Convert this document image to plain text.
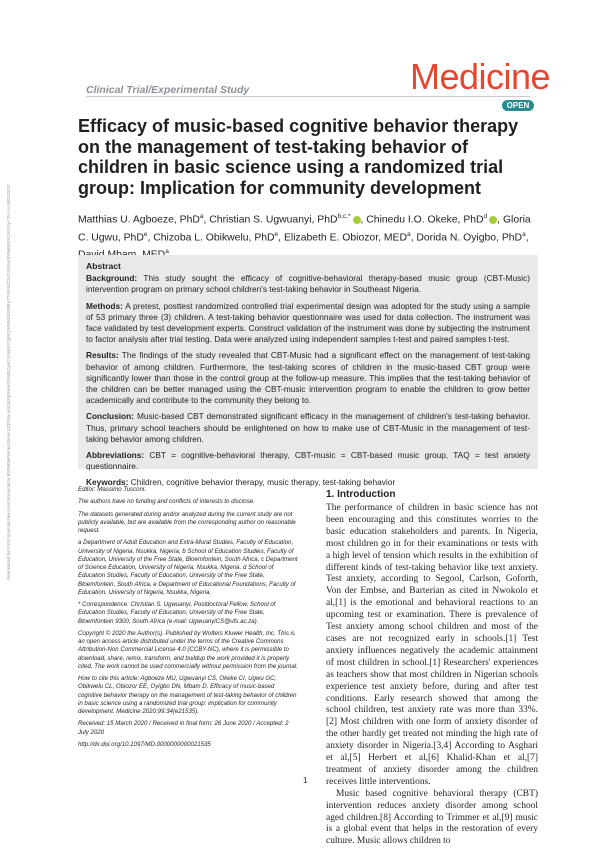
Downloaded from http://journals.lww.com/md-journal by BhDMf5ePHKav1zEoum1tQfN4a+kJLhEZgbsIHo4XMi0hCywCX1AWnYQp/IlQrHD3i3D0OdRyi7TvSFl4Cf3VC4/OAVpDDa8KKGKV0Ymy+78= on 08/20/2020
Clinical Trial/Experimental Study	Medicine
OPEN
Efficacy of music-based cognitive behavior therapy on the management of test-taking behavior of children in basic science using a randomized trial group: Implication for community development
Matthias U. Agboeze, PhD$^a$, Christian S. Ugwuanyi, PhD$^{b,c,*}$ , Chinedu I.O. Okeke, PhD$^d$ , Gloria C. Ugwu, PhD$^e$, Chizoba L. Obikwelu, PhD$^e$, Elizabeth E. Obiozor, MED$^a$, Dorida N. Oyigbo, PhD$^a$, $^a$
Abstract

Background: This study sought the efficacy of cognitive-behavioral therapy-based music group (CBT-Music) intervention program on primary school children's test-taking behavior in Southeast Nigeria.

Methods: A pretest, posttest randomized controlled trial experimental design was adopted for the study using a sample of 53 primary three (3) children. A test-taking behavior questionnaire was used for data collection. The instrument was face validated by test development experts. Construct validation of the instrument was done by subjecting the instrument to factor analysis after trial testing. Data were analyzed using independent samples t-test and paired samples t-test.

Results: The findings of the study revealed that CBT-Music had a significant effect on the management of test-taking behavior of among children. Furthermore, the test-taking scores of children in the music-based CBT group were significantly lower than those in the control group at the follow-up measure. This implies that the test-taking behavior of the children can be better managed using the CBT-music intervention program to enable the children to grow better academically and contribute to the community they belong to.

Conclusion: Music-based CBT demonstrated significant efficacy in the management of children's test-taking behavior. Thus, primary school teachers should be enlightened on how to make use of CBT-Music in the management of test-taking behavior among children.

Abbreviations: CBT = cognitive-behavioral therapy, CBT-music = CBT-based music group, TAQ = test anxiety questionnaire.

Keywords: Children, cognitive behavior therapy, music therapy, test-taking behavior

Editor: Massimo Tusconi.

The authors have no funding and conflicts of interests to disclose.

The datasets generated during and/or analyzed during the current study are not publicly available, but are available from the corresponding author on reasonable request.

a Department of Adult Education and Extra-Mural Studies, Faculty of Education, University of Nigeria, Nsukka, Nigeria, b School of Education Studies, Faculty of Education, University of the Free State, Bloemfontein, South Africa, c Department of Science Education, University of Nigeria, Nsukka, Nigeria, d School of Education Studies, Faculty of Education, University of the Free State, Bloemfontein, South Africa, e Department of Educational Foundations, Faculty of Education, University of Nigeria, Nsukka, Nigeria.

* Correspondence: Christian S. Ugwuanyi, Postdoctoral Fellow, School of Education Studies, Faculty of Education, University of the Free State, Bloemfontein 9300, South Africa (e-mail: UgwuanyiCS@ufs.ac.za).

Copyright © 2020 the Author(s). Published by Wolters Kluwer Health, Inc. This is an open access article distributed under the terms of the Creative Commons Attribution-Non Commercial License 4.0 (CCBY-NC), where it is permissible to download, share, remix, transform, and buildup the work provided it is properly cited. The work cannot be used commercially without permission from the journal.

How to cite this article: Agboeze MU, Ugwuanyi CS, Okeke CI, Ugwu GC, Obikwelu CL, Obiozor EE, Oyigbo DN, Mbam D. Efficacy of music-based cognitive behavior therapy on the management of test-taking behavior of children in basic science using a randomized trial group: implication for community development. Medicine 2020;99:34(e21535).

Received: 15 March 2020 / Received in final form: 26 June 2020 / Accepted: 2 July 2020

http://dx.doi.org/10.1097/MD.0000000000021535

1. Introduction

The performance of children in basic science has not been encouraging and this constitutes worries to the basic education stakeholders and parents. In Nigeria, most children go in for their examinations or tests with a high level of tension which results in the exhibition of different kinds of test-taking behavior like text anxiety. Test anxiety, according to Segool, Carlson, Goforth, Von der Embse, and Barterian as cited in Nwokolo et al,[1] is the emotional and behavioral reactions to an upcoming test or examination. There is prevalence of Test anxiety among school children and most of the cases are not recognized early in schools.[1] Test anxiety influences negatively the academic attainment of most children in school.[1] Researchers' experiences as teachers show that most children in Nigerian schools experience test anxiety before, during and after test conditions. Early research showed that among the school children, test anxiety rate was more than 33%.[2] Most children with one form of anxiety disorder of the other hardly get treated not minding the high rate of anxiety disorder in Nigeria.[3,4] According to Asghari et al,[5] Herbert et al,[6] Khalid-Khan et al,[7] treatment of anxiety disorder among the children receives little interventions.

Music based cognitive behavioral therapy (CBT) intervention reduces anxiety disorder among school aged children.[8] According to Trimmer et al,[9] music is a global event that helps in the restoration of every culture. Music allows children to

1
